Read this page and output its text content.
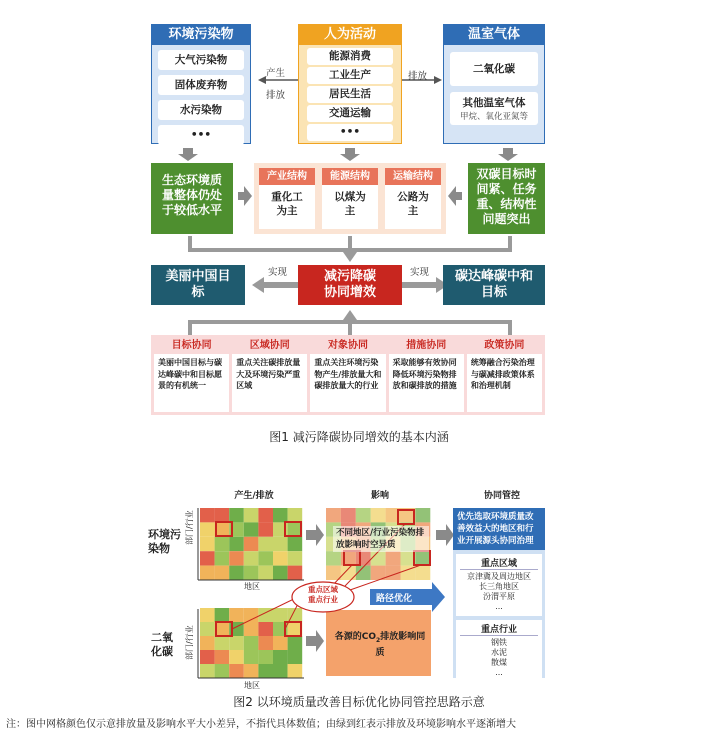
产生
排放
排放
环境污染物
大气污染物
固体废弃物
水污染物
•••
人为活动
能源消费
工业生产
居民生活
交通运输
•••
温室气体
二氧化碳
其他温室气体
甲烷、氧化亚氮等
生态环境质量整体仍处于较低水平
产业结构
重化工为主
能源结构
以煤为主
运输结构
公路为主
双碳目标时间紧、任务重、结构性问题突出
美丽中国目标
减污降碳协同增效
碳达峰碳中和目标
实现	实现
目标协同
美丽中国目标与碳达峰碳中和目标愿景的有机统一
区域协同
重点关注碳排放量大及环境污染严重区域
对象协同
重点关注环境污染物产生/排放量大和碳排放量大的行业
措施协同
采取能够有效协同降低环境污染物排放和碳排放的措施
政策协同
统筹融合污染治理与碳减排政策体系和治理机制
图1 减污降碳协同增效的基本内涵
产生/排放	影响	协同管控
环境污染物
二氧化碳
部门/行业
部门/行业
地区
地区
不同地区/行业污染物排放影响时空异质
各源的$CO_2$排放影响同质
重点区域
重点行业	路径优化
优先选取环境质量改善效益大的地区和行业开展源头协同治理
重点区域
京津冀及周边地区
长三角地区
汾渭平原
...
重点行业
钢铁
水泥
散煤
...
图2 以环境质量改善目标优化协同管控思路示意
注：图中网格颜色仅示意排放量及影响水平大小差异，不指代具体数值；由绿到红表示排放及环境影响水平逐渐增大
